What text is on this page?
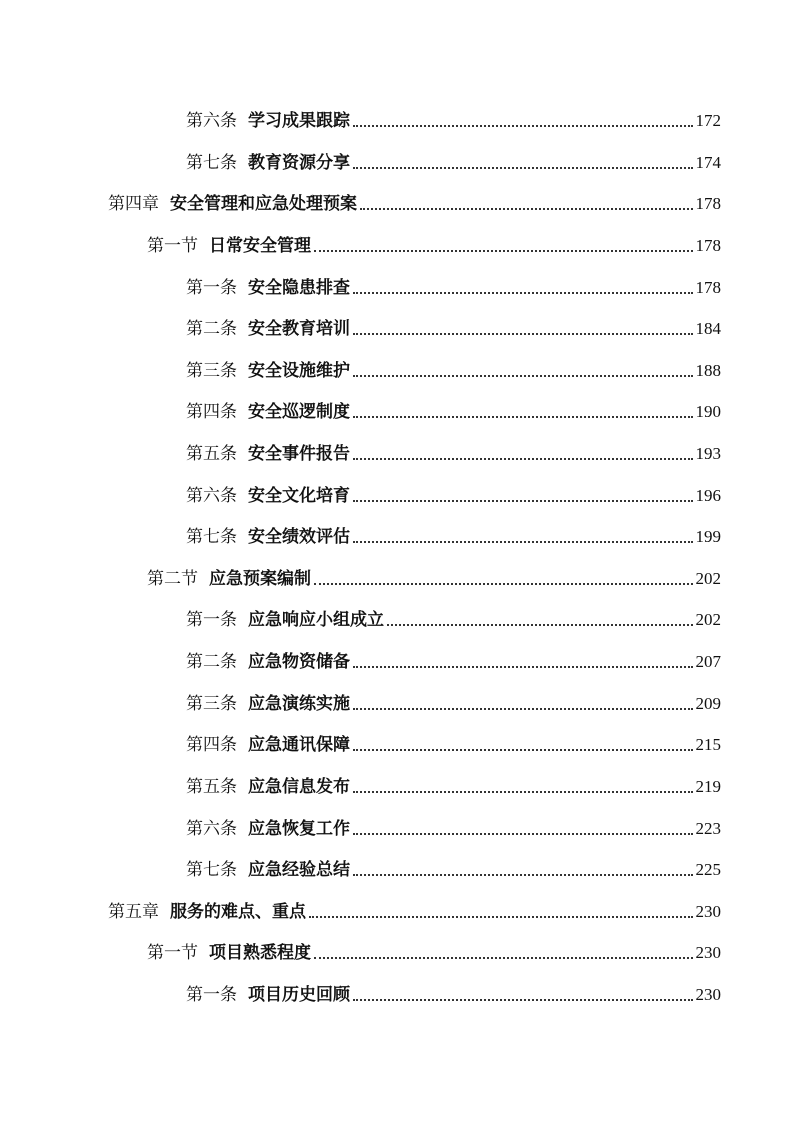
第六条 学习成果跟踪	172
第七条 教育资源分享	174
第四章 安全管理和应急处理预案	178
第一节 日常安全管理	178
第一条 安全隐患排查	178
第二条 安全教育培训	184
第三条 安全设施维护	188
第四条 安全巡逻制度	190
第五条 安全事件报告	193
第六条 安全文化培育	196
第七条 安全绩效评估	199
第二节 应急预案编制	202
第一条 应急响应小组成立	202
第二条 应急物资储备	207
第三条 应急演练实施	209
第四条 应急通讯保障	215
第五条 应急信息发布	219
第六条 应急恢复工作	223
第七条 应急经验总结	225
第五章 服务的难点、重点	230
第一节 项目熟悉程度	230
第一条 项目历史回顾	230
